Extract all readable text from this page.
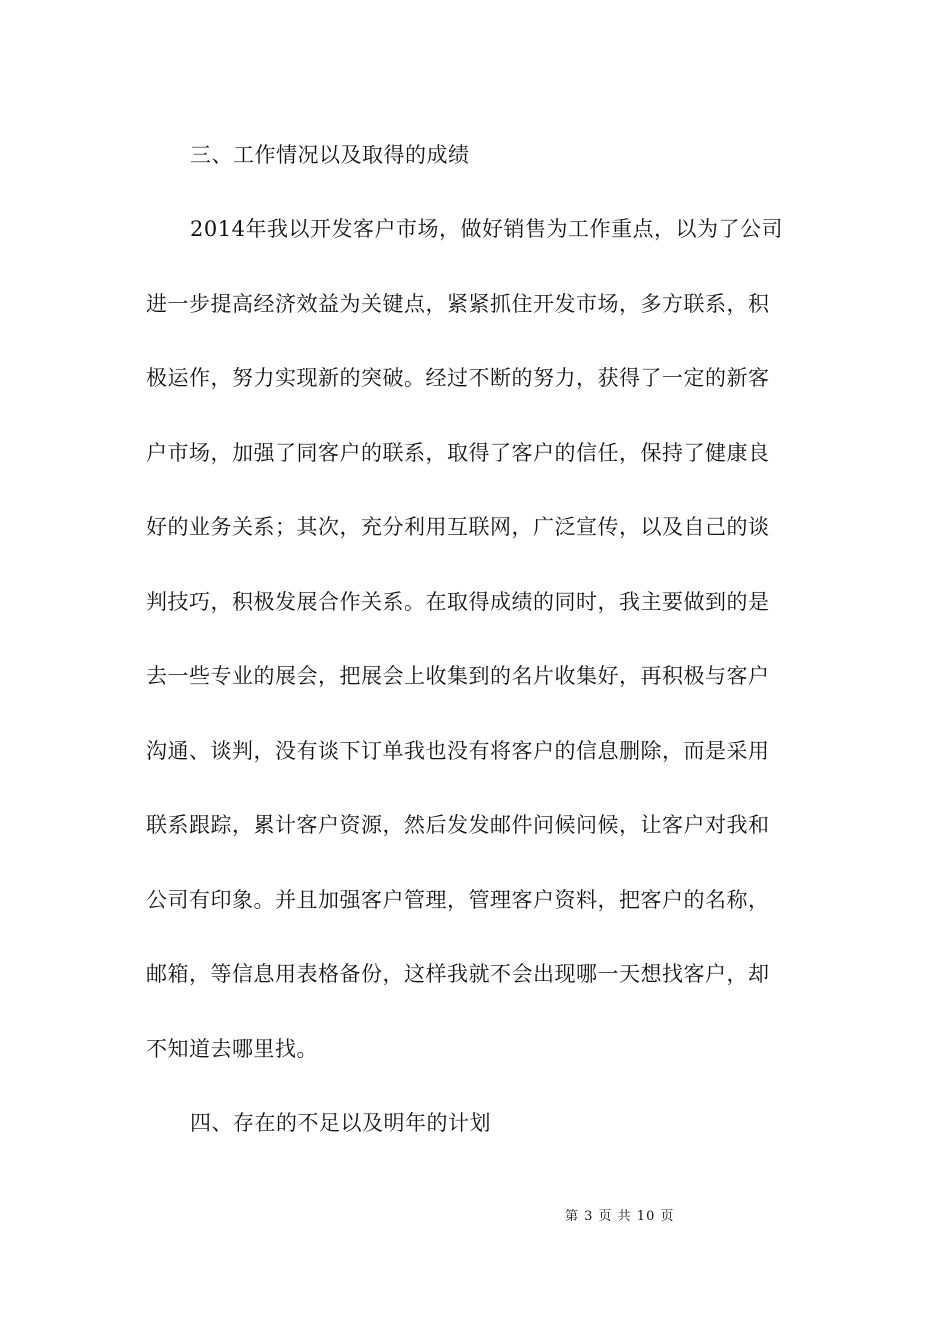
三、工作情况以及取得的成绩
2014年我以开发客户市场，做好销售为工作重点，以为了公司
进一步提高经济效益为关键点，紧紧抓住开发市场，多方联系，积
极运作，努力实现新的突破。经过不断的努力，获得了一定的新客
户市场，加强了同客户的联系，取得了客户的信任，保持了健康良
好的业务关系；其次，充分利用互联网，广泛宣传，以及自己的谈
判技巧，积极发展合作关系。在取得成绩的同时，我主要做到的是
去一些专业的展会，把展会上收集到的名片收集好，再积极与客户
沟通、谈判，没有谈下订单我也没有将客户的信息删除，而是采用
联系跟踪，累计客户资源，然后发发邮件问候问候，让客户对我和
公司有印象。并且加强客户管理，管理客户资料，把客户的名称，
邮箱，等信息用表格备份，这样我就不会出现哪一天想找客户，却
不知道去哪里找。
四、存在的不足以及明年的计划
第 3 页 共 10 页
